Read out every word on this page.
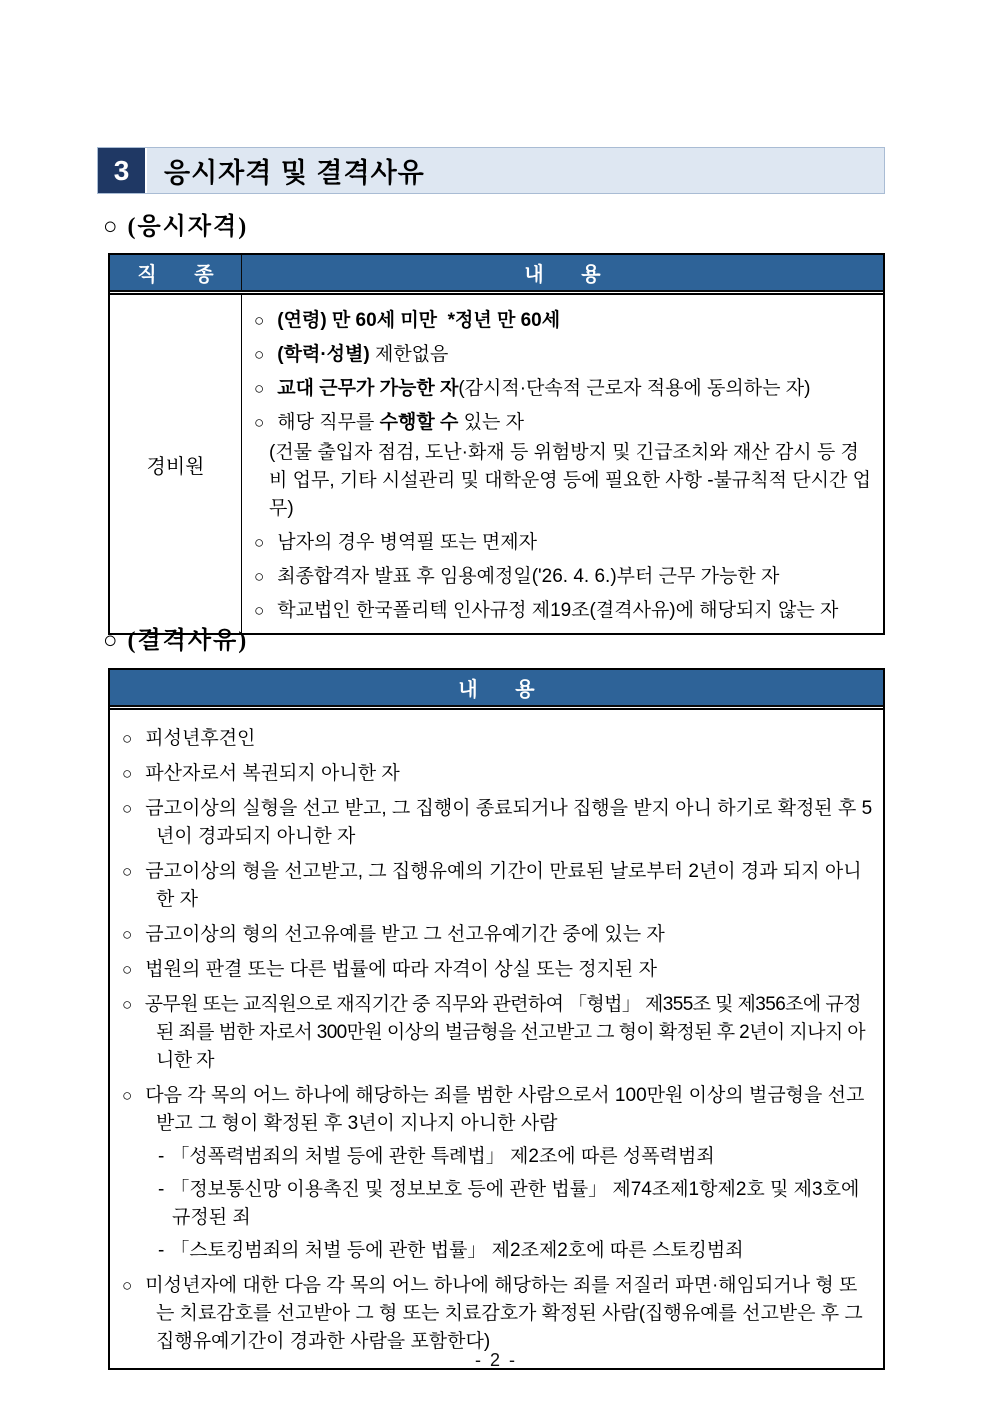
3	응시자격 및 결격사유
○ (응시자격)
직 종	내 용
경비원
○ (연령) 만 60세 미만  *정년 만 60세
○ (학력·성별) 제한없음
○ 교대 근무가 가능한 자(감시적·단속적 근로자 적용에 동의하는 자)
○ 해당 직무를 수행할 수 있는 자
(건물 출입자 점검, 도난·화재 등 위험방지 및 긴급조치와 재산 감시 등 경비 업무, 기타 시설관리 및 대학운영 등에 필요한 사항 -불규칙적 단시간 업무)
○ 남자의 경우 병역필 또는 면제자
○ 최종합격자 발표 후 임용예정일('26. 4. 6.)부터 근무 가능한 자
○ 학교법인 한국폴리텍 인사규정 제19조(결격사유)에 해당되지 않는 자
○ (결격사유)
내 용
○ 피성년후견인
○ 파산자로서 복권되지 아니한 자
○ 금고이상의 실형을 선고 받고, 그 집행이 종료되거나 집행을 받지 아니 하기로 확정된 후 5년이 경과되지 아니한 자
○ 금고이상의 형을 선고받고, 그 집행유예의 기간이 만료된 날로부터 2년이 경과 되지 아니한 자
○ 금고이상의 형의 선고유예를 받고 그 선고유예기간 중에 있는 자
○ 법원의 판결 또는 다른 법률에 따라 자격이 상실 또는 정지된 자
○ 공무원 또는 교직원으로 재직기간 중 직무와 관련하여 「형법」 제355조 및 제356조에 규정된 죄를 범한 자로서 300만원 이상의 벌금형을 선고받고 그 형이 확정된 후 2년이 지나지 아니한 자
○ 다음 각 목의 어느 하나에 해당하는 죄를 범한 사람으로서 100만원 이상의 벌금형을 선고받고 그 형이 확정된 후 3년이 지나지 아니한 사람
- 「성폭력범죄의 처벌 등에 관한 특례법」 제2조에 따른 성폭력범죄
- 「정보통신망 이용촉진 및 정보보호 등에 관한 법률」 제74조제1항제2호 및 제3호에 규정된 죄
- 「스토킹범죄의 처벌 등에 관한 법률」 제2조제2호에 따른 스토킹범죄
○ 미성년자에 대한 다음 각 목의 어느 하나에 해당하는 죄를 저질러 파면·해임되거나 형 또는 치료감호를 선고받아 그 형 또는 치료감호가 확정된 사람(집행유예를 선고받은 후 그 집행유예기간이 경과한 사람을 포함한다)
- 2 -
